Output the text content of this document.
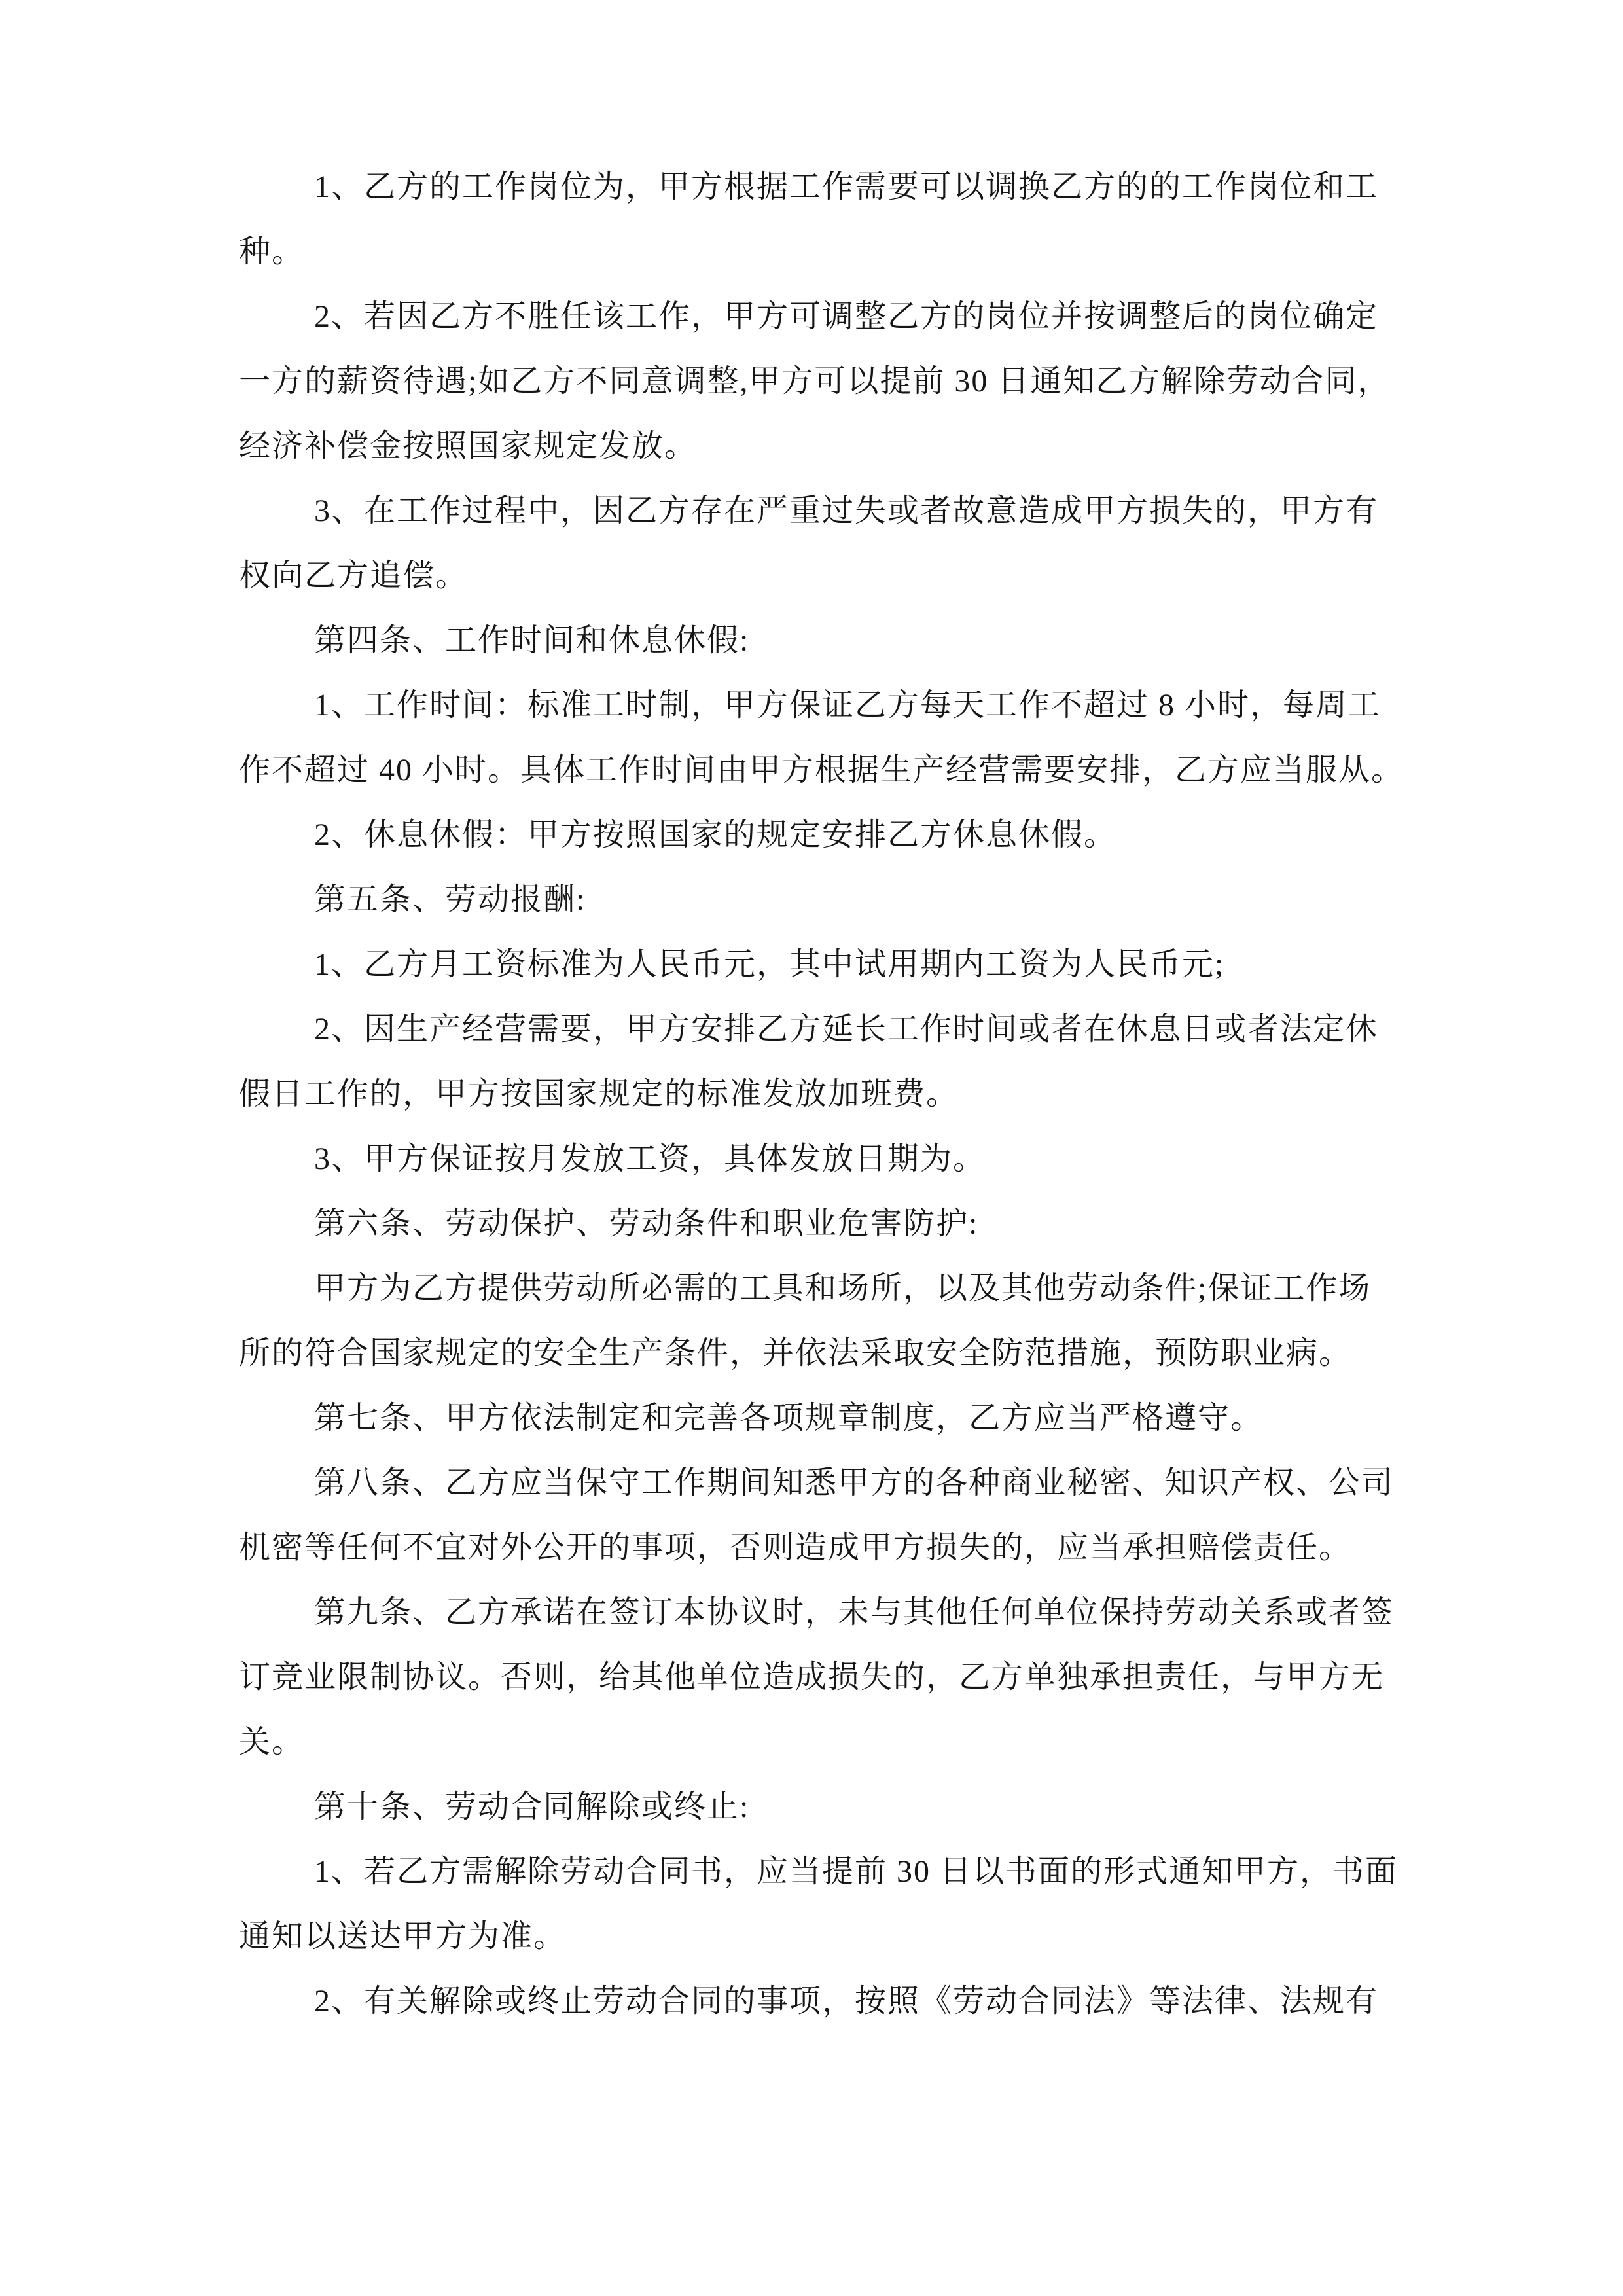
1、乙方的工作岗位为，甲方根据工作需要可以调换乙方的的工作岗位和工
种。
2、若因乙方不胜任该工作，甲方可调整乙方的岗位并按调整后的岗位确定
一方的薪资待遇;如乙方不同意调整,甲方可以提前 30 日通知乙方解除劳动合同，
经济补偿金按照国家规定发放。
3、在工作过程中，因乙方存在严重过失或者故意造成甲方损失的，甲方有
权向乙方追偿。
第四条、工作时间和休息休假:
1、工作时间：标准工时制，甲方保证乙方每天工作不超过 8 小时，每周工
作不超过 40 小时。具体工作时间由甲方根据生产经营需要安排，乙方应当服从。
2、休息休假：甲方按照国家的规定安排乙方休息休假。
第五条、劳动报酬:
1、乙方月工资标准为人民币元，其中试用期内工资为人民币元;
2、因生产经营需要，甲方安排乙方延长工作时间或者在休息日或者法定休
假日工作的，甲方按国家规定的标准发放加班费。
3、甲方保证按月发放工资，具体发放日期为。
第六条、劳动保护、劳动条件和职业危害防护:
甲方为乙方提供劳动所必需的工具和场所，以及其他劳动条件;保证工作场
所的符合国家规定的安全生产条件，并依法采取安全防范措施，预防职业病。
第七条、甲方依法制定和完善各项规章制度，乙方应当严格遵守。
第八条、乙方应当保守工作期间知悉甲方的各种商业秘密、知识产权、公司
机密等任何不宜对外公开的事项，否则造成甲方损失的，应当承担赔偿责任。
第九条、乙方承诺在签订本协议时，未与其他任何单位保持劳动关系或者签
订竞业限制协议。否则，给其他单位造成损失的，乙方单独承担责任，与甲方无
关。
第十条、劳动合同解除或终止:
1、若乙方需解除劳动合同书，应当提前 30 日以书面的形式通知甲方，书面
通知以送达甲方为准。
2、有关解除或终止劳动合同的事项，按照《劳动合同法》等法律、法规有
